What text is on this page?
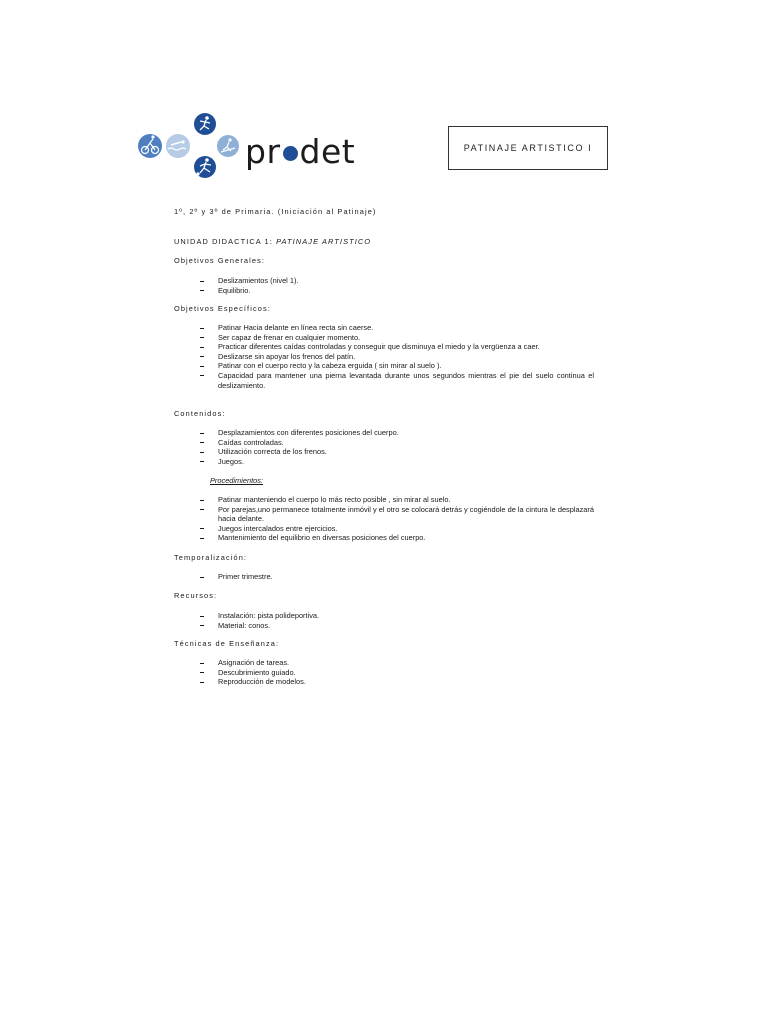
pr det	PATINAJE ARTISTICO I
1º, 2º y 3º de Primaria. (Iniciación al Patinaje)
UNIDAD DIDACTICA 1: PATINAJE ARTISTICO
Objetivos Generales:
Deslizamientos (nivel 1).
Equilibrio.
Objetivos Específicos:
Patinar Hacia delante en línea recta sin caerse.
Ser capaz de frenar en cualquier momento.
Practicar diferentes caídas controladas y conseguir que disminuya el miedo y la vergüenza a caer.
Deslizarse sin apoyar los frenos del patín.
Patinar con el cuerpo recto y la cabeza erguida ( sin mirar al suelo ).
Capacidad para mantener una pierna levantada durante unos segundos mientras el pie del suelo continua el deslizamiento.
Contenidos:
Desplazamientos con diferentes posiciones del cuerpo.
Caídas controladas.
Utilización correcta de los frenos.
Juegos.
Procedimientos:
Patinar manteniendo el cuerpo lo más recto posible , sin mirar al suelo.
Por parejas,uno permanece totalmente inmóvil y el otro se colocará detrás y cogiéndole de la cintura le desplazará hacia delante.
Juegos intercalados entre ejercicios.
Mantenimiento del equilibrio en diversas posiciones del cuerpo.
Temporalización:
Primer trimestre.
Recursos:
Instalación: pista polideportiva.
Material: conos.
Técnicas de Enseñanza:
Asignación de tareas.
Descubrimiento guiado.
Reproducción de modelos.
